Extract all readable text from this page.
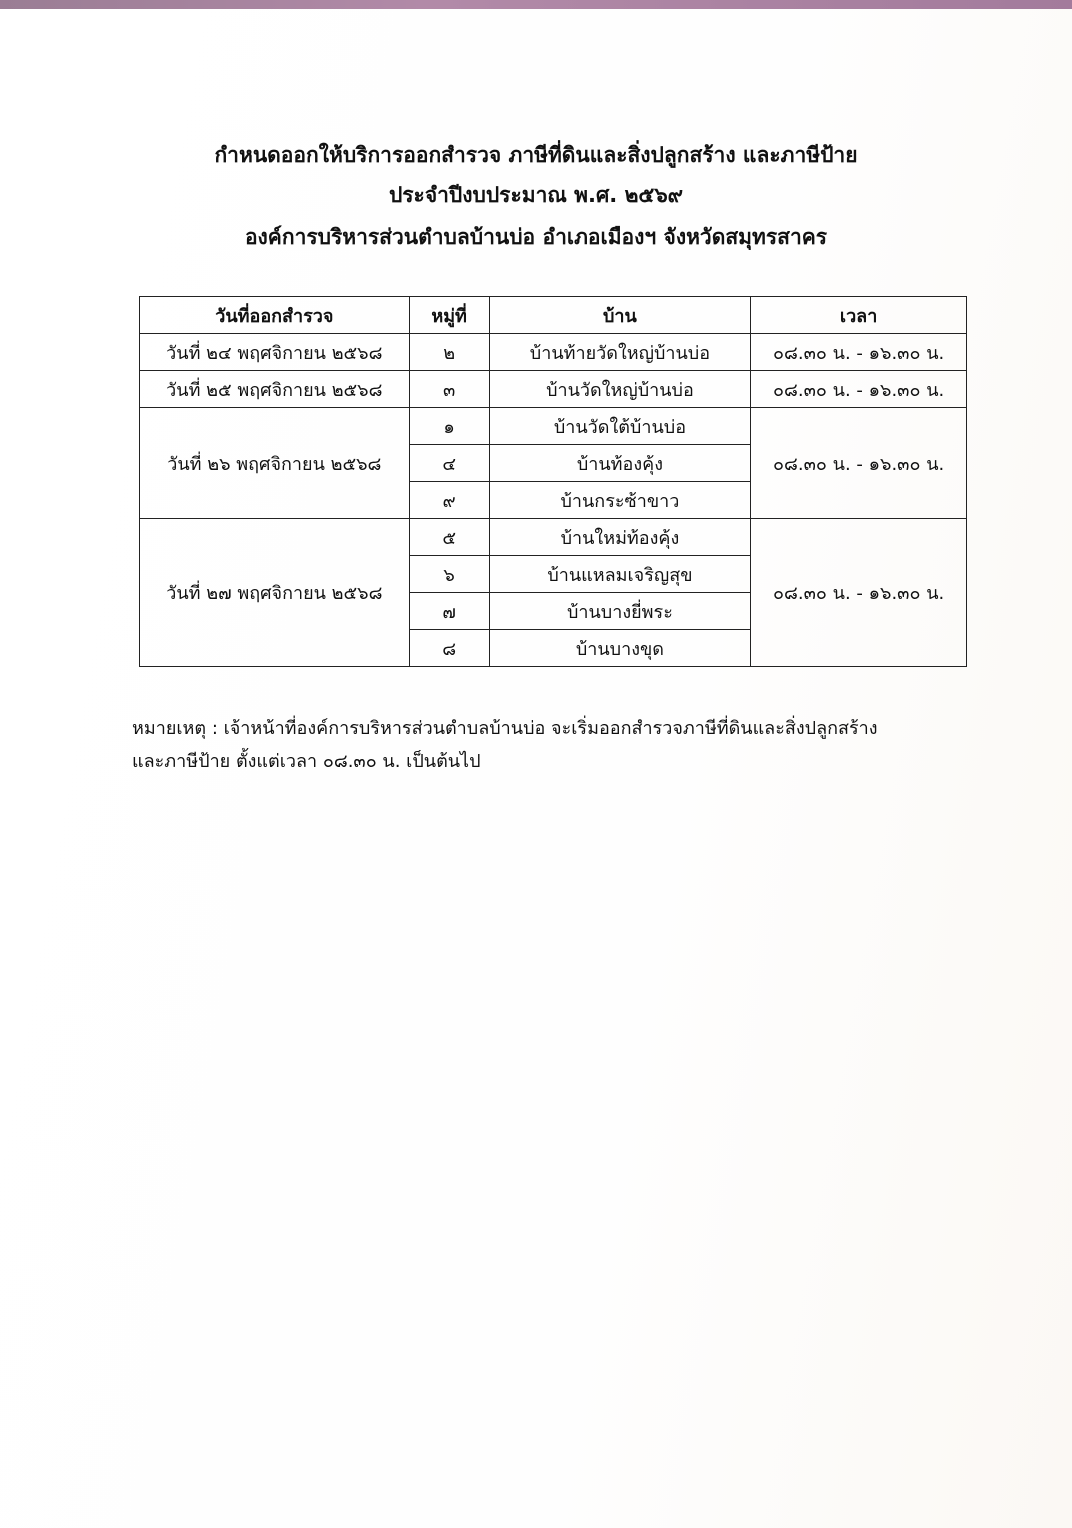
กำหนดออกให้บริการออกสำรวจ ภาษีที่ดินและสิ่งปลูกสร้าง และภาษีป้าย
ประจำปีงบประมาณ พ.ศ. ๒๕๖๙
องค์การบริหารส่วนตำบลบ้านบ่อ อำเภอเมืองฯ จังหวัดสมุทรสาคร
วันที่ออกสำรวจ	หมู่ที่	บ้าน	เวลา
วันที่ ๒๔ พฤศจิกายน ๒๕๖๘	๒	บ้านท้ายวัดใหญ่บ้านบ่อ	๐๘.๓๐ น. - ๑๖.๓๐ น.
วันที่ ๒๕ พฤศจิกายน ๒๕๖๘	๓	บ้านวัดใหญ่บ้านบ่อ	๐๘.๓๐ น. - ๑๖.๓๐ น.
วันที่ ๒๖ พฤศจิกายน ๒๕๖๘	๑	บ้านวัดใต้บ้านบ่อ	๐๘.๓๐ น. - ๑๖.๓๐ น.
	๔	บ้านท้องคุ้ง	
	๙	บ้านกระซ้าขาว	
วันที่ ๒๗ พฤศจิกายน ๒๕๖๘	๕	บ้านใหม่ท้องคุ้ง	๐๘.๓๐ น. - ๑๖.๓๐ น.
	๖	บ้านแหลมเจริญสุข	
	๗	บ้านบางยี่พระ	
	๘	บ้านบางขุด	
หมายเหตุ : เจ้าหน้าที่องค์การบริหารส่วนตำบลบ้านบ่อ จะเริ่มออกสำรวจภาษีที่ดินและสิ่งปลูกสร้าง
และภาษีป้าย ตั้งแต่เวลา ๐๘.๓๐ น. เป็นต้นไป
